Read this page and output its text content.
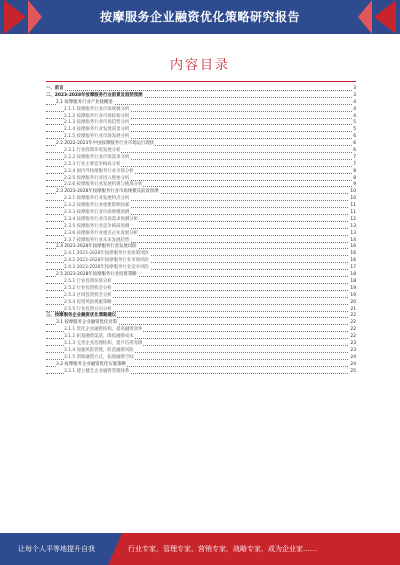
按摩服务企业融资优化策略研究报告
内容目录
一、前言	3
二、2023-2028年按摩服务行业前景及趋势预测	3
2.1 按摩服务行业产业链概述	4
2.1.1 按摩服务行业市场规模分析	4
2.1.2 按摩服务行业市场结构分析	4
2.1.3 按摩服务行业市场趋势分析	5
2.1.4 按摩服务行业发展前景分析	5
2.1.5 按摩服务行业市场发展分析	6
2.2 2022-2023年中国按摩服务行业市场运行现状	6
2.2.1 行业政策环境发展分析	6
2.2.2 按摩服务行业市场需求分析	7
2.2.3 行业主要竞争格局分析	7
2.2.4 国内外按摩服务行业市场分析	8
2.2.5 按摩服务行业进入壁垒分析	8
2.2.6 按摩服务行业发展机遇与挑战分析	9
2.3 2023-2028年按摩服务行业市场规模及前景预测	10
2.3.1 按摩服务行业发展特点分析	10
2.3.2 按摩服务行业重要影响因素	11
2.3.3 按摩服务行业市场规模预测	11
2.3.4 按摩服务行业市场需求预测分析	12
2.3.5 按摩服务行业竞争格局预测	13
2.3.6 按摩服务行业重点企业发展分析	13
2.3.7 按摩服务行业未来发展趋势	14
2.4 2023-2028年按摩服务行业发展风险	16
2.4.1 2023-2028年按摩服务行业政策风险	16
2.4.2 2023-2028年按摩服务行业市场风险	16
2.4.3 2023-2028年按摩服务行业竞争风险	17
2.5 2023-2028年按摩服务行业投资策略	18
2.5.1 行业投资环境分析	18
2.5.2 行业投资机会分析	19
2.5.3 区域投资机会分析	19
2.5.4 投资风险规避策略	20
2.5.5 行业投资方向分析	21
三、按摩服务企业融资优化策略建议	22
3.1 按摩服务企业融资优化对策	22
3.1.1 优化企业融资结构，提高融资效率	22
3.1.2 拓宽融资渠道，降低融资成本	22
3.1.3 完善企业治理结构，提升信用等级	23
3.1.4 加强风险管理，防范融资风险	23
3.1.5 创新融资方式，拓展融资空间	24
3.2 按摩服务企业融资优化实施策略	24
3.2.1 建立健全企业融资管理体系	25
让每个人平等地提升自我	行业专家，管理专家，营销专家，战略专家，成为企业家……
